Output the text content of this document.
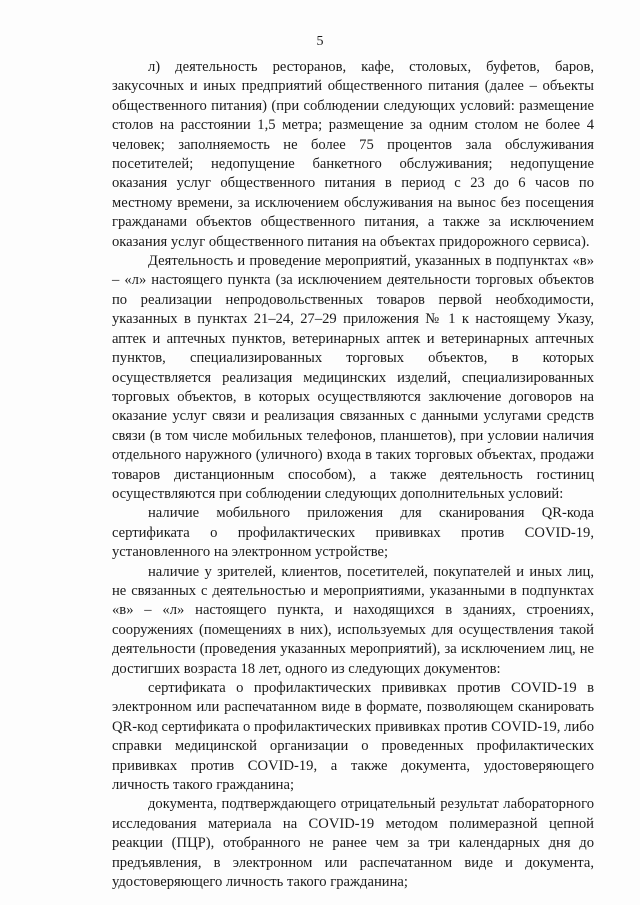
5

л) деятельность ресторанов, кафе, столовых, буфетов, баров, закусочных и иных предприятий общественного питания (далее – объекты общественного питания) (при соблюдении следующих условий: размещение столов на расстоянии 1,5 метра; размещение за одним столом не более 4 человек; заполняемость не более 75 процентов зала обслуживания посетителей; недопущение банкетного обслуживания; недопущение оказания услуг общественного питания в период с 23 до 6 часов по местному времени, за исключением обслуживания на вынос без посещения гражданами объектов общественного питания, а также за исключением оказания услуг общественного питания на объектах придорожного сервиса).

Деятельность и проведение мероприятий, указанных в подпунктах «в» – «л» настоящего пункта (за исключением деятельности торговых объектов по реализации непродовольственных товаров первой необходимости, указанных в пунктах 21–24, 27–29 приложения № 1 к настоящему Указу, аптек и аптечных пунктов, ветеринарных аптек и ветеринарных аптечных пунктов, специализированных торговых объектов, в которых осуществляется реализация медицинских изделий, специализированных торговых объектов, в которых осуществляются заключение договоров на оказание услуг связи и реализация связанных с данными услугами средств связи (в том числе мобильных телефонов, планшетов), при условии наличия отдельного наружного (уличного) входа в таких торговых объектах, продажи товаров дистанционным способом), а также деятельность гостиниц осуществляются при соблюдении следующих дополнительных условий:

наличие мобильного приложения для сканирования QR-кода сертификата о профилактических прививках против COVID-19, установленного на электронном устройстве;

наличие у зрителей, клиентов, посетителей, покупателей и иных лиц, не связанных с деятельностью и мероприятиями, указанными в подпунктах «в» – «л» настоящего пункта, и находящихся в зданиях, строениях, сооружениях (помещениях в них), используемых для осуществления такой деятельности (проведения указанных мероприятий), за исключением лиц, не достигших возраста 18 лет, одного из следующих документов:

сертификата о профилактических прививках против COVID-19 в электронном или распечатанном виде в формате, позволяющем сканировать QR-код сертификата о профилактических прививках против COVID-19, либо справки медицинской организации о проведенных профилактических прививках против COVID-19, а также документа, удостоверяющего личность такого гражданина;

документа, подтверждающего отрицательный результат лабораторного исследования материала на COVID-19 методом полимеразной цепной реакции (ПЦР), отобранного не ранее чем за три календарных дня до предъявления, в электронном или распечатанном виде и документа, удостоверяющего личность такого гражданина;
